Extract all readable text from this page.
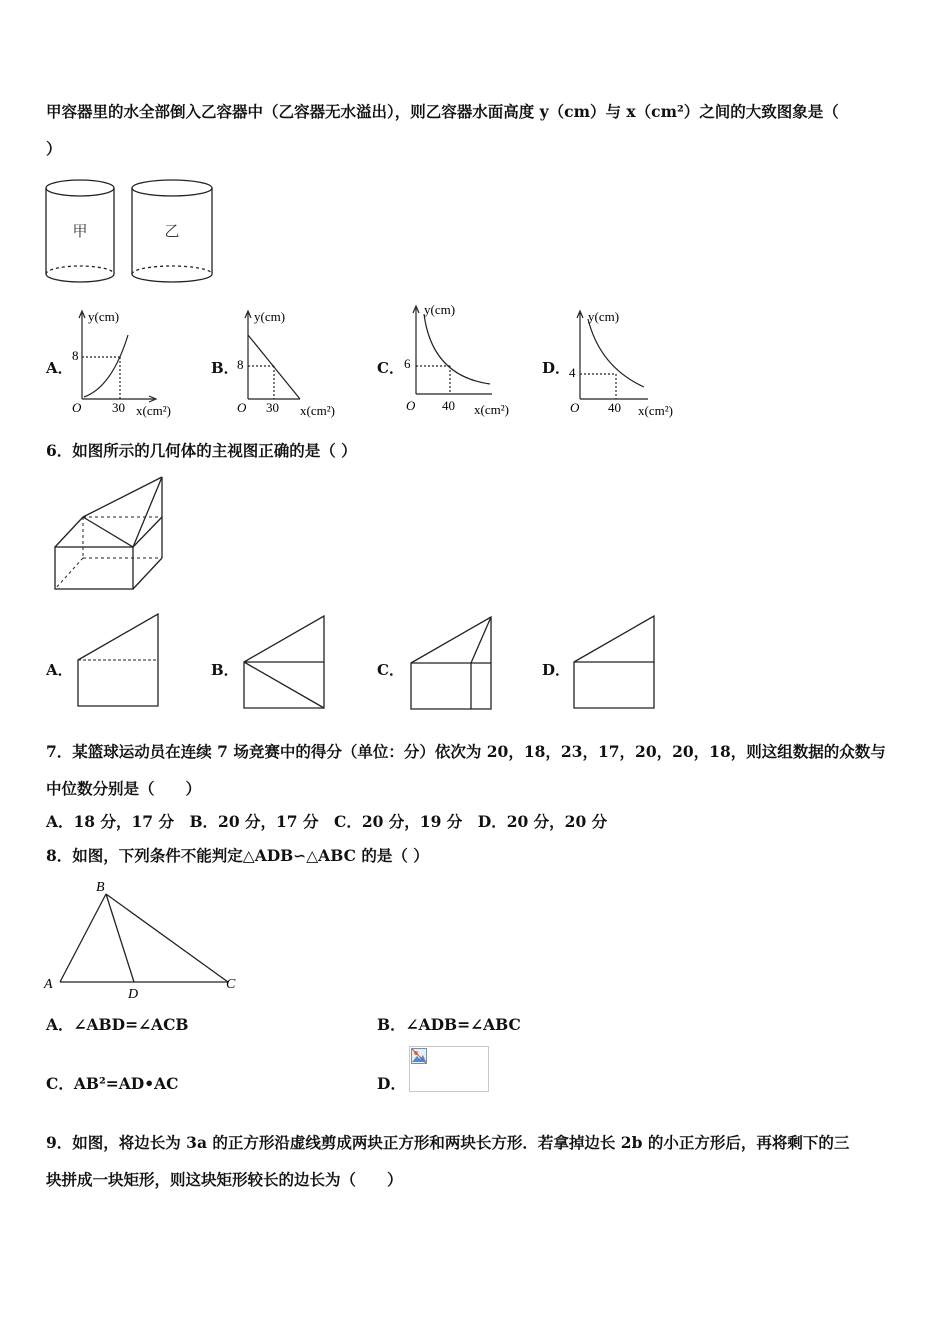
甲容器里的水全部倒入乙容器中（乙容器无水溢出），则乙容器水面高度 y（cm）与 x（cm²）之间的大致图象是（
）
甲	乙
A．	B．	C．	D．
y(cm)
8
O 30 x(cm²)
y(cm)
8
O 30 x(cm²)
y(cm)
6
O 40 x(cm²)
y(cm)
4
O 40 x(cm²)
6．如图所示的几何体的主视图正确的是（ ）
A．	B．	C．	D．
7．某篮球运动员在连续 7 场竞赛中的得分（单位：分）依次为 20，18，23，17，20，20，18，则这组数据的众数与
中位数分别是（　　）
A．18 分，17 分　B．20 分，17 分　C．20 分，19 分　D．20 分，20 分
8．如图，下列条件不能判定△ADB∽△ABC 的是（ ）
B
A
D
C
A．∠ABD=∠ACB	B．∠ADB=∠ABC
C．AB²=AD•AC	D．
9．如图，将边长为 3a 的正方形沿虚线剪成两块正方形和两块长方形．若拿掉边长 2b 的小正方形后，再将剩下的三
块拼成一块矩形，则这块矩形较长的边长为（　　）
